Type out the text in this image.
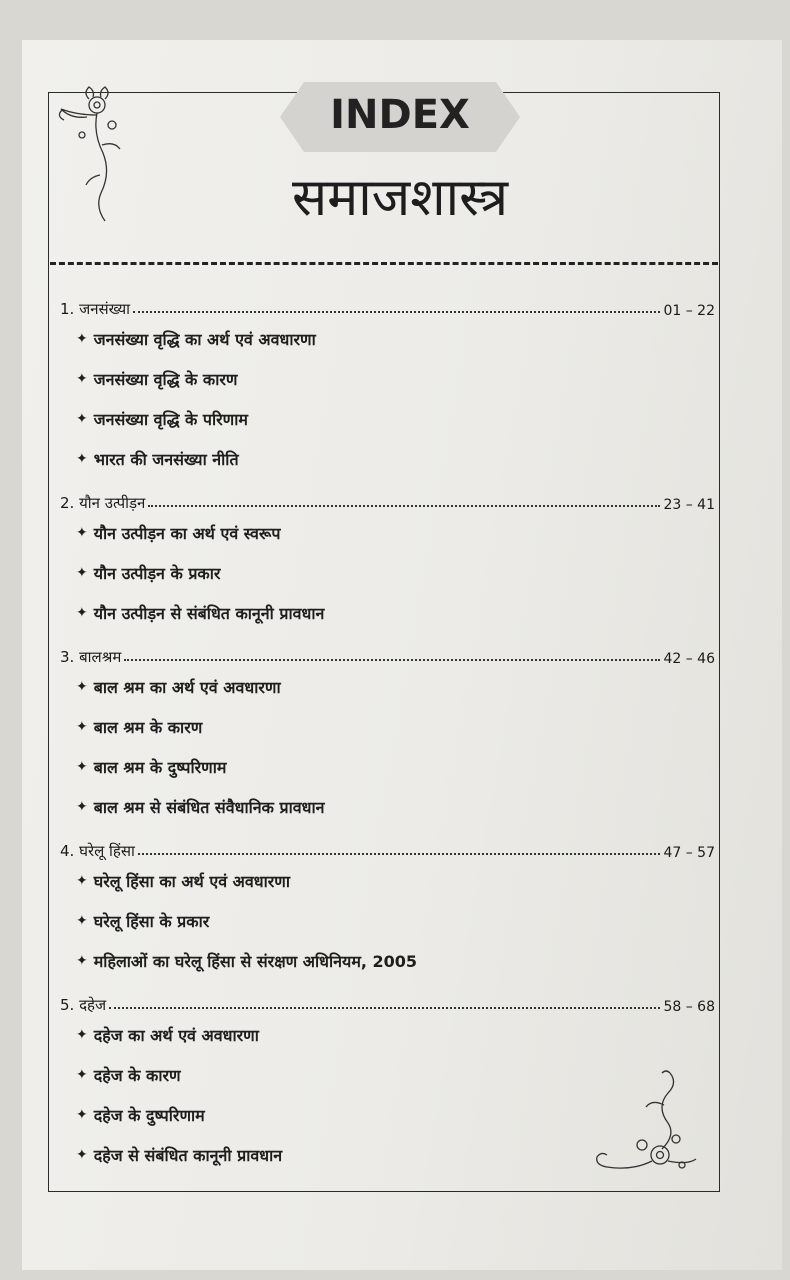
INDEX
समाजशास्त्र
1. जनसंख्या	01 – 22
✦ जनसंख्या वृद्धि का अर्थ एवं अवधारणा
✦ जनसंख्या वृद्धि के कारण
✦ जनसंख्या वृद्धि के परिणाम
✦ भारत की जनसंख्या नीति
2. यौन उत्पीड़न	23 – 41
✦ यौन उत्पीड़न का अर्थ एवं स्वरूप
✦ यौन उत्पीड़न के प्रकार
✦ यौन उत्पीड़न से संबंधित कानूनी प्रावधान
3. बालश्रम	42 – 46
✦ बाल श्रम का अर्थ एवं अवधारणा
✦ बाल श्रम के कारण
✦ बाल श्रम के दुष्परिणाम
✦ बाल श्रम से संबंधित संवैधानिक प्रावधान
4. घरेलू हिंसा	47 – 57
✦ घरेलू हिंसा का अर्थ एवं अवधारणा
✦ घरेलू हिंसा के प्रकार
✦ महिलाओं का घरेलू हिंसा से संरक्षण अधिनियम, 2005
5. दहेज	58 – 68
✦ दहेज का अर्थ एवं अवधारणा
✦ दहेज के कारण
✦ दहेज के दुष्परिणाम
✦ दहेज से संबंधित कानूनी प्रावधान
